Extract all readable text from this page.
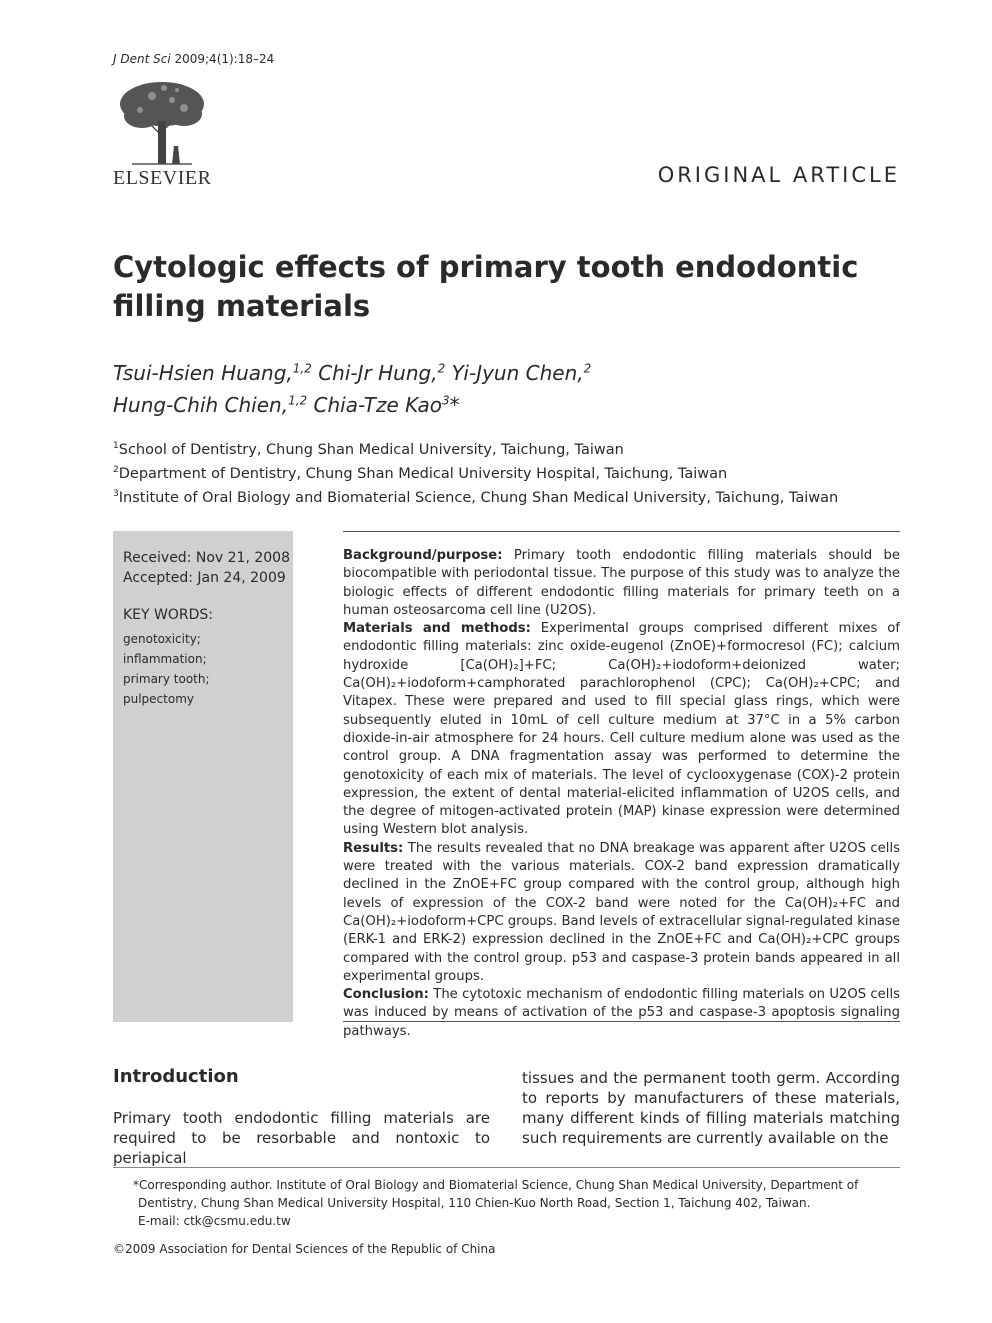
J Dent Sci 2009;4(1):18–24
ELSEVIER	ORIGINAL ARTICLE
Cytologic effects of primary tooth endodontic filling materials
Tsui-Hsien Huang,$^{1,2}$ Chi-Jr Hung,$^2$ Yi-Jyun Chen,$^2$
Hung-Chih Chien,$^{1,2}$ Chia-Tze Kao$^3$*
$^1$School of Dentistry, Chung Shan Medical University, Taichung, Taiwan
$^2$Department of Dentistry, Chung Shan Medical University Hospital, Taichung, Taiwan
$^3$Institute of Oral Biology and Biomaterial Science, Chung Shan Medical University, Taichung, Taiwan
Received: Nov 21, 2008
Accepted: Jan 24, 2009
KEY WORDS:
genotoxicity;
inflammation;
primary tooth;
pulpectomy

Background/purpose: Primary tooth endodontic filling materials should be biocompatible with periodontal tissue. The purpose of this study was to analyze the biologic effects of different endodontic filling materials for primary teeth on a human osteosarcoma cell line (U2OS).

Materials and methods: Experimental groups comprised different mixes of endodontic filling materials: zinc oxide-eugenol (ZnOE)+formocresol (FC); calcium hydroxide [Ca(OH)₂]+FC; Ca(OH)₂+iodoform+deionized water; Ca(OH)₂+iodoform+camphorated parachlorophenol (CPC); Ca(OH)₂+CPC; and Vitapex. These were prepared and used to fill special glass rings, which were subsequently eluted in 10mL of cell culture medium at 37°C in a 5% carbon dioxide-in-air atmosphere for 24 hours. Cell culture medium alone was used as the control group. A DNA fragmentation assay was performed to determine the genotoxicity of each mix of materials. The level of cyclooxygenase (COX)-2 protein expression, the extent of dental material-elicited inflammation of U2OS cells, and the degree of mitogen-activated protein (MAP) kinase expression were determined using Western blot analysis.

Results: The results revealed that no DNA breakage was apparent after U2OS cells were treated with the various materials. COX-2 band expression dramatically declined in the ZnOE+FC group compared with the control group, although high levels of expression of the COX-2 band were noted for the Ca(OH)₂+FC and Ca(OH)₂+iodoform+CPC groups. Band levels of extracellular signal-regulated kinase (ERK-1 and ERK-2) expression declined in the ZnOE+FC and Ca(OH)₂+CPC groups compared with the control group. p53 and caspase-3 protein bands appeared in all experimental groups.

Conclusion: The cytotoxic mechanism of endodontic filling materials on U2OS cells was induced by means of activation of the p53 and caspase-3 apoptosis signaling pathways.

Introduction
Primary tooth endodontic filling materials are required to be resorbable and nontoxic to periapical
tissues and the permanent tooth germ. According to reports by manufacturers of these materials, many different kinds of filling materials matching such requirements are currently available on the
*Corresponding author. Institute of Oral Biology and Biomaterial Science, Chung Shan Medical University, Department of
Dentistry, Chung Shan Medical University Hospital, 110 Chien-Kuo North Road, Section 1, Taichung 402, Taiwan.
E-mail: ctk@csmu.edu.tw
©2009 Association for Dental Sciences of the Republic of China
